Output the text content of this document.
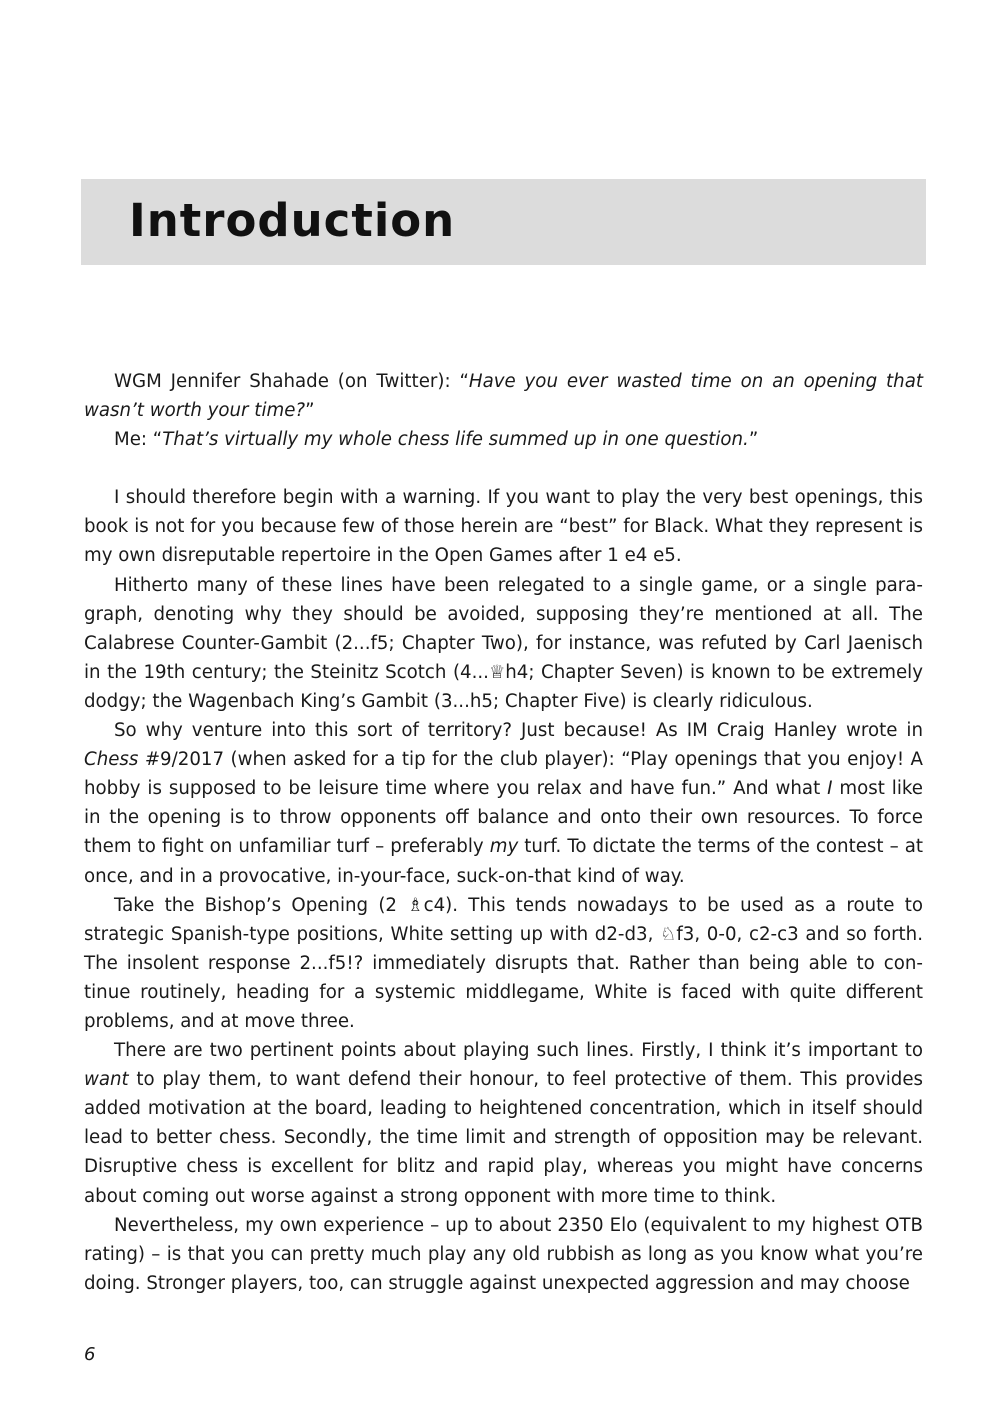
Introduction

WGM Jennifer Shahade (on Twitter): “Have you ever wasted time on an opening that wasn’t worth your time?”

Me: “That’s virtually my whole chess life summed up in one question.”

I should therefore begin with a warning. If you want to play the very best openings, this book is not for you because few of those herein are “best” for Black. What they represent is my own disreputable repertoire in the Open Games after 1 e4 e5.

Hitherto many of these lines have been relegated to a single game, or a single paragraph, denoting why they should be avoided, supposing they’re mentioned at all. The Calabrese Counter-Gambit (2...f5; Chapter Two), for instance, was refuted by Carl Jaenisch in the 19th century; the Steinitz Scotch (4...♕h4; Chapter Seven) is known to be extremely dodgy; the Wagenbach King’s Gambit (3...h5; Chapter Five) is clearly ridiculous.

So why venture into this sort of territory? Just because! As IM Craig Hanley wrote in Chess #9/2017 (when asked for a tip for the club player): “Play openings that you enjoy! A hobby is supposed to be leisure time where you relax and have fun.” And what I most like in the opening is to throw opponents off balance and onto their own resources. To force them to fight on unfamiliar turf – preferably my turf. To dictate the terms of the contest – at once, and in a provocative, in-your-face, suck-on-that kind of way.

Take the Bishop’s Opening (2 ♗c4). This tends nowadays to be used as a route to strategic Spanish-type positions, White setting up with d2-d3, ♘f3, 0-0, c2-c3 and so forth. The insolent response 2...f5!? immediately disrupts that. Rather than being able to continue routinely, heading for a systemic middlegame, White is faced with quite different problems, and at move three.

There are two pertinent points about playing such lines. Firstly, I think it’s important to want to play them, to want defend their honour, to feel protective of them. This provides added motivation at the board, leading to heightened concentration, which in itself should lead to better chess. Secondly, the time limit and strength of opposition may be relevant. Disruptive chess is excellent for blitz and rapid play, whereas you might have concerns about coming out worse against a strong opponent with more time to think.

Nevertheless, my own experience – up to about 2350 Elo (equivalent to my highest OTB rating) – is that you can pretty much play any old rubbish as long as you know what you’re doing. Stronger players, too, can struggle against unexpected aggression and may choose

6
